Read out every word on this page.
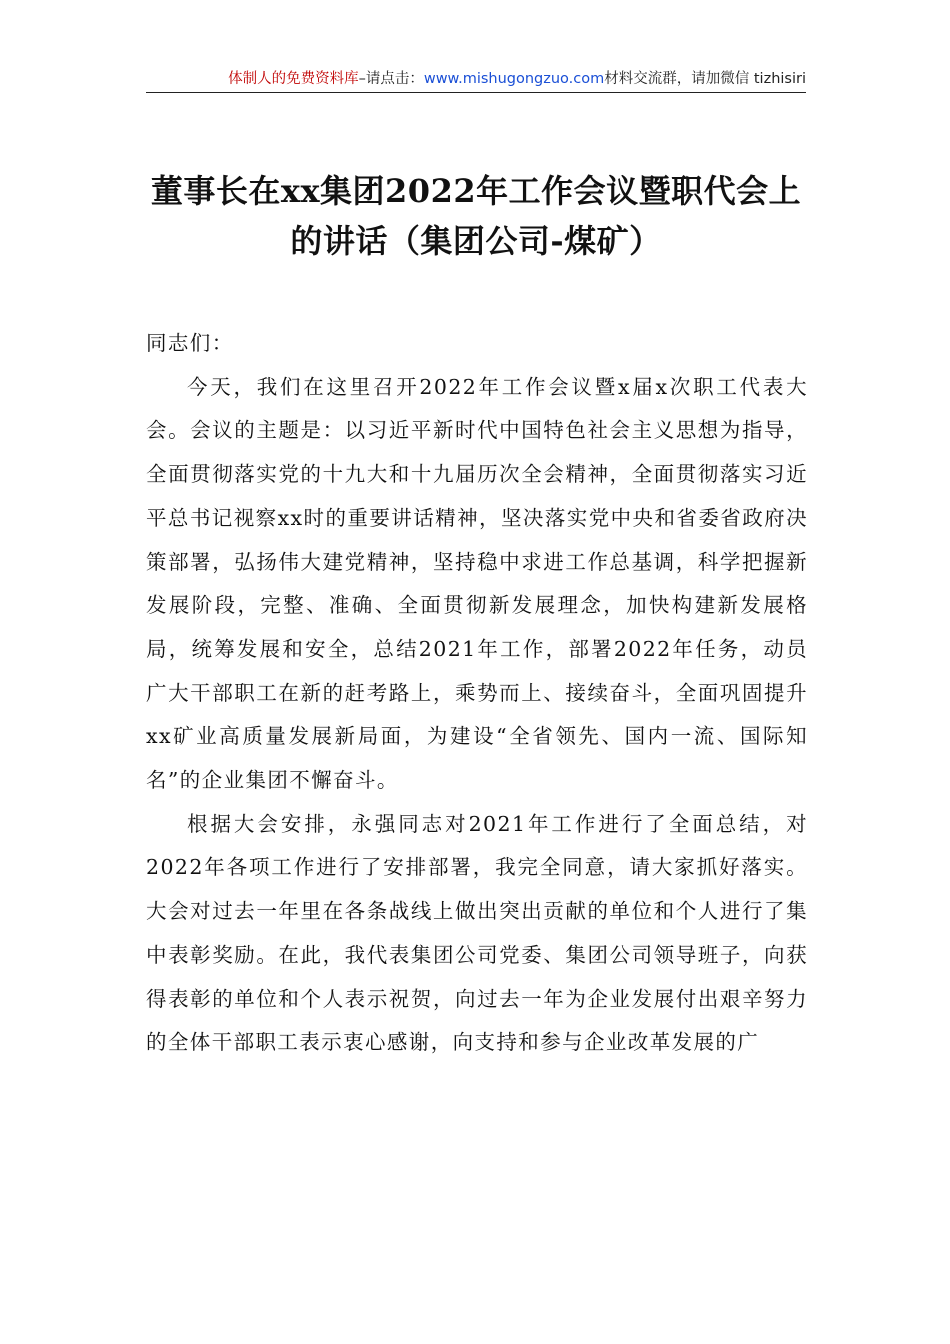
体制人的免费资料库–请点击：www.mishugongzuo.com材料交流群，请加微信 tizhisiri
董事长在xx集团2022年工作会议暨职代会上的讲话（集团公司-煤矿）

同志们：

今天，我们在这里召开2022年工作会议暨x届x次职工代表大会。会议的主题是：以习近平新时代中国特色社会主义思想为指导，全面贯彻落实党的十九大和十九届历次全会精神，全面贯彻落实习近平总书记视察xx时的重要讲话精神，坚决落实党中央和省委省政府决策部署，弘扬伟大建党精神，坚持稳中求进工作总基调，科学把握新发展阶段，完整、准确、全面贯彻新发展理念，加快构建新发展格局，统筹发展和安全，总结2021年工作，部署2022年任务，动员广大干部职工在新的赶考路上，乘势而上、接续奋斗，全面巩固提升xx矿业高质量发展新局面，为建设“全省领先、国内一流、国际知名”的企业集团不懈奋斗。

根据大会安排，永强同志对2021年工作进行了全面总结，对2022年各项工作进行了安排部署，我完全同意，请大家抓好落实。大会对过去一年里在各条战线上做出突出贡献的单位和个人进行了集中表彰奖励。在此，我代表集团公司党委、集团公司领导班子，向获得表彰的单位和个人表示祝贺，向过去一年为企业发展付出艰辛努力的全体干部职工表示衷心感谢，向支持和参与企业改革发展的广
